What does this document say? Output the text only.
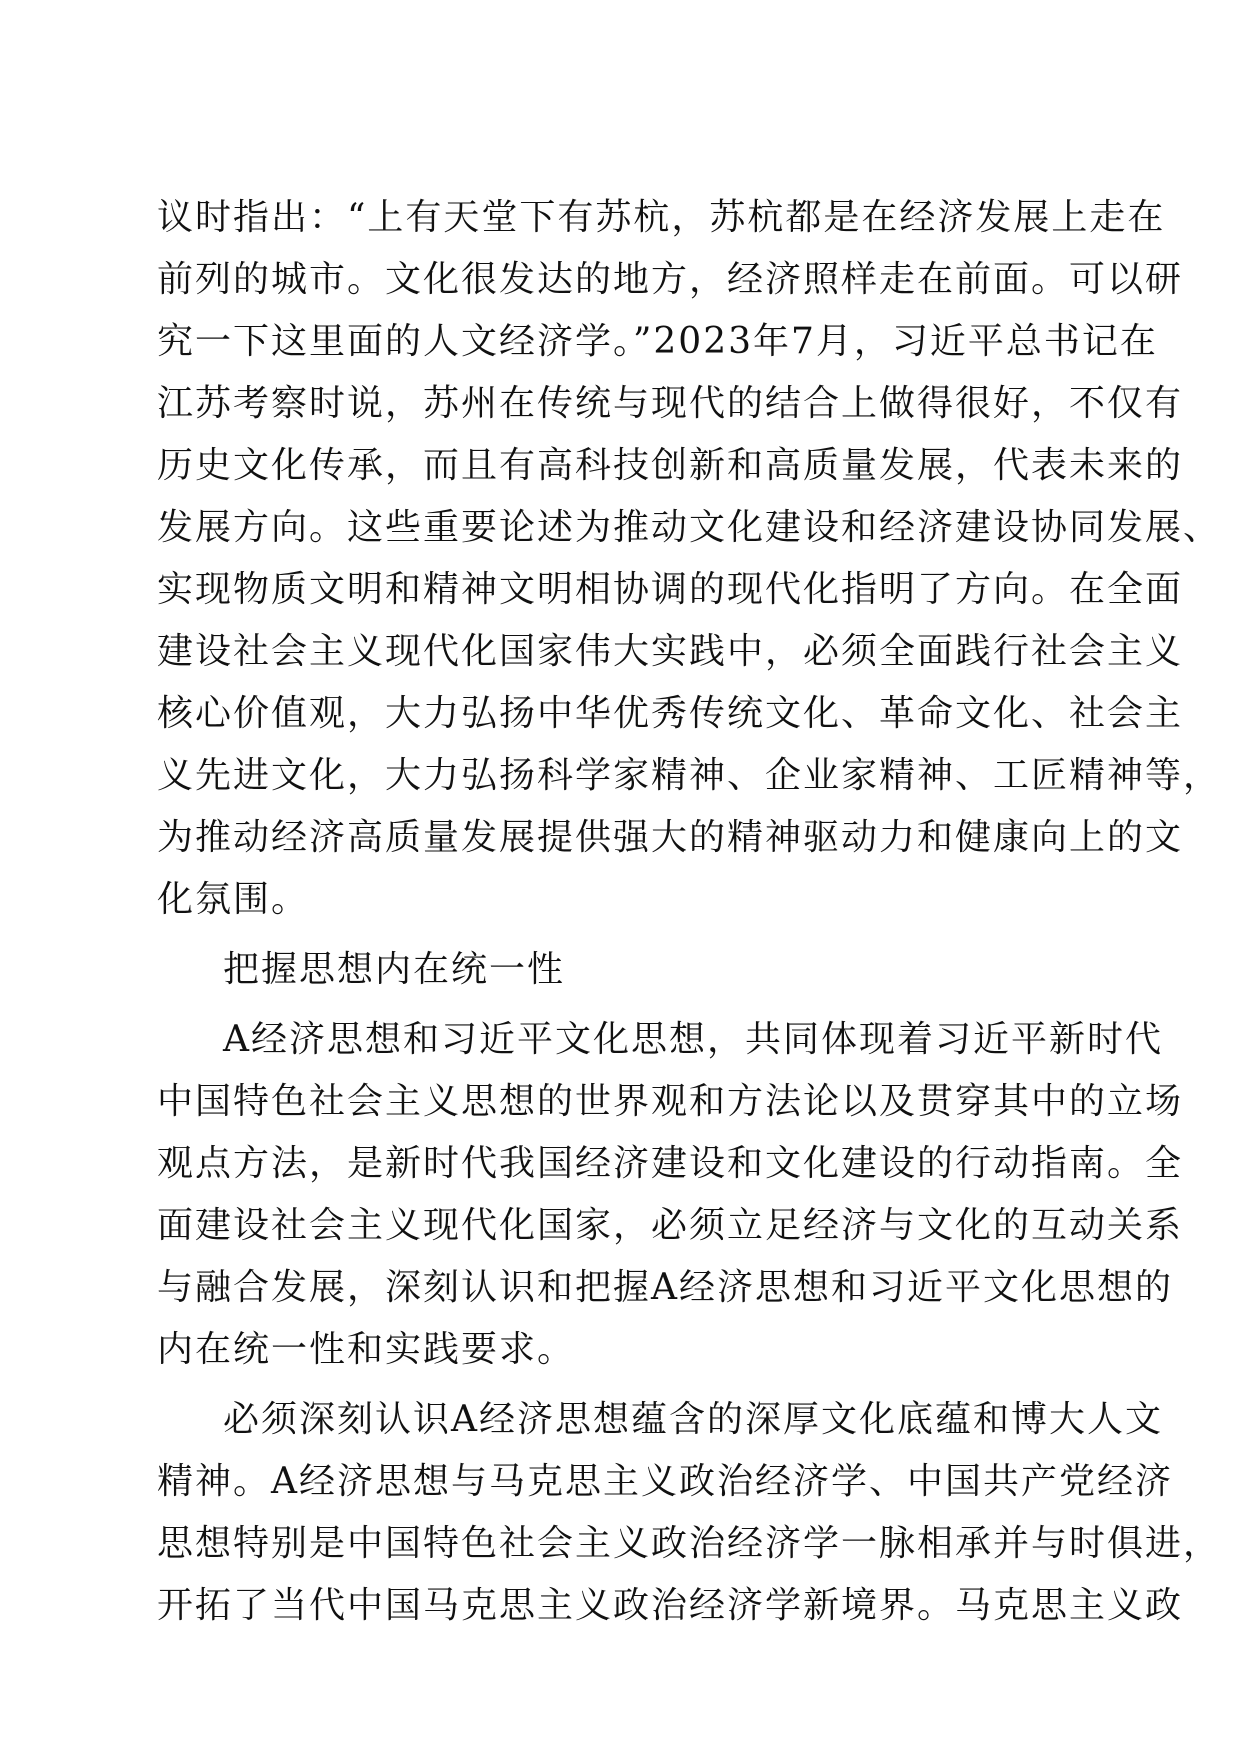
议时指出：“上有天堂下有苏杭，苏杭都是在经济发展上走在
前列的城市。文化很发达的地方，经济照样走在前面。可以研
究一下这里面的人文经济学。”2023年7月，习近平总书记在
江苏考察时说，苏州在传统与现代的结合上做得很好，不仅有
历史文化传承，而且有高科技创新和高质量发展，代表未来的
发展方向。这些重要论述为推动文化建设和经济建设协同发展、
实现物质文明和精神文明相协调的现代化指明了方向。在全面
建设社会主义现代化国家伟大实践中，必须全面践行社会主义
核心价值观，大力弘扬中华优秀传统文化、革命文化、社会主
义先进文化，大力弘扬科学家精神、企业家精神、工匠精神等，
为推动经济高质量发展提供强大的精神驱动力和健康向上的文
化氛围。
把握思想内在统一性
A经济思想和习近平文化思想，共同体现着习近平新时代
中国特色社会主义思想的世界观和方法论以及贯穿其中的立场
观点方法，是新时代我国经济建设和文化建设的行动指南。全
面建设社会主义现代化国家，必须立足经济与文化的互动关系
与融合发展，深刻认识和把握A经济思想和习近平文化思想的
内在统一性和实践要求。
必须深刻认识A经济思想蕴含的深厚文化底蕴和博大人文
精神。A经济思想与马克思主义政治经济学、中国共产党经济
思想特别是中国特色社会主义政治经济学一脉相承并与时俱进，
开拓了当代中国马克思主义政治经济学新境界。马克思主义政
